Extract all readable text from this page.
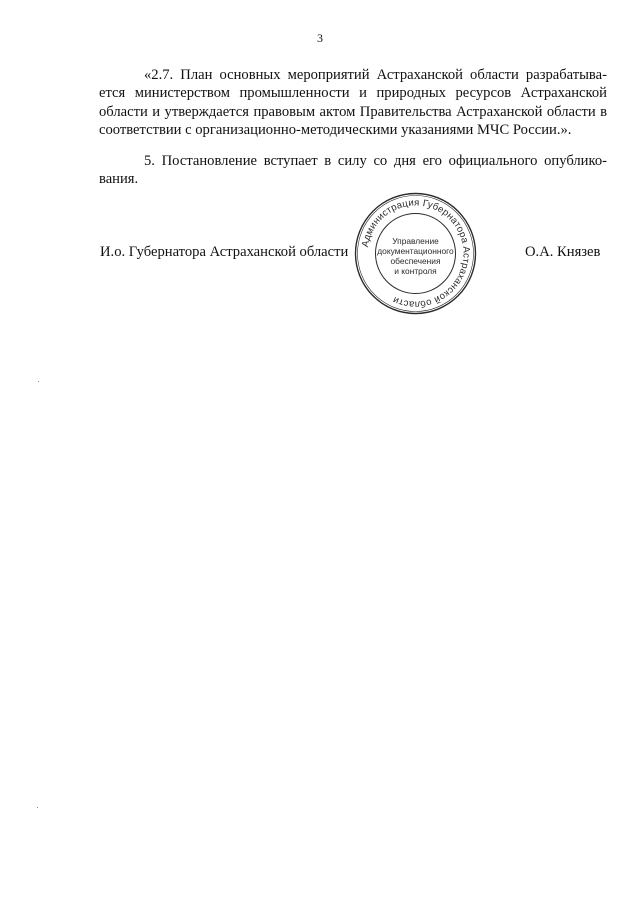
3
«2.7. План основных мероприятий Астраханской области разрабатывается министерством промышленности и природных ресурсов Астраханской области и утверждается правовым актом Правительства Астраханской области в соответствии с организационно-методическими указаниями МЧС России.».
5. Постановление вступает в силу со дня его официального опубликования.
И.о. Губернатора Астраханской области	О.А. Князев
Администрация Губернатора Астраханской области
Управление
документационного
обеспечения
и контроля
